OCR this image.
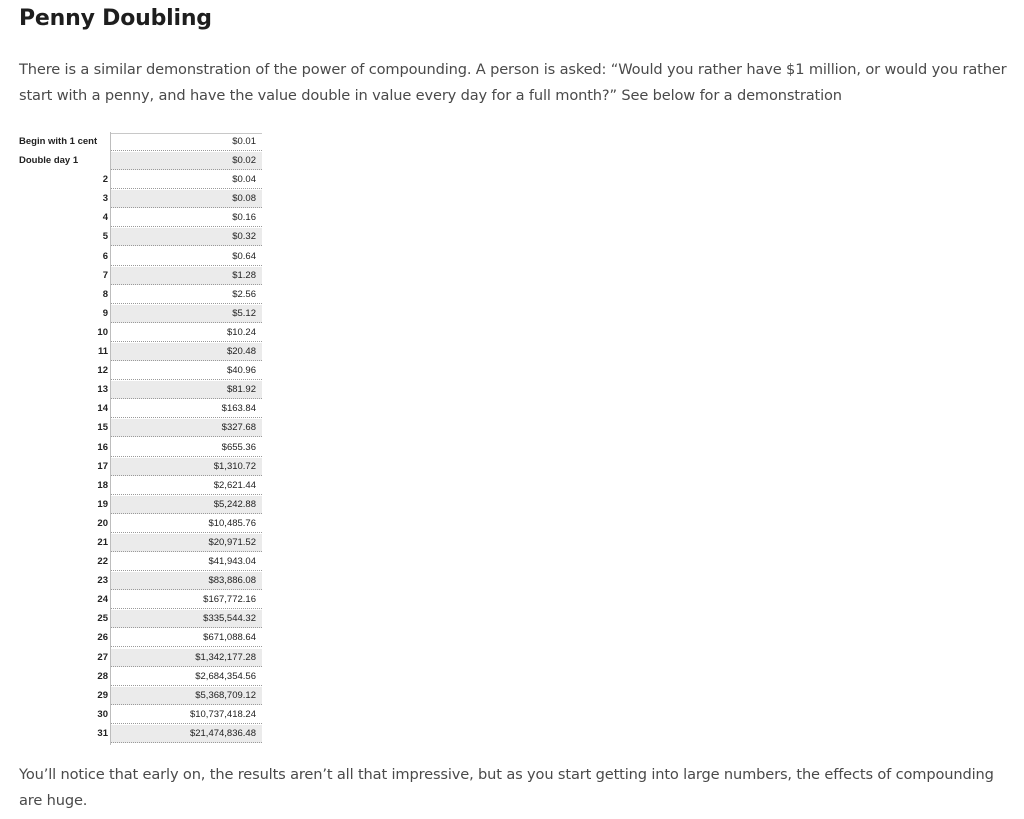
Penny Doubling

There is a similar demonstration of the power of compounding. A person is asked: “Would you rather have $1 million, or would you rather start with a penny, and have the value double in value every day for a full month?” See below for a demonstration

Begin with 1 cent	$0.01
Double day 1	$0.02
2	$0.04
3	$0.08
4	$0.16
5	$0.32
6	$0.64
7	$1.28
8	$2.56
9	$5.12
10	$10.24
11	$20.48
12	$40.96
13	$81.92
14	$163.84
15	$327.68
16	$655.36
17	$1,310.72
18	$2,621.44
19	$5,242.88
20	$10,485.76
21	$20,971.52
22	$41,943.04
23	$83,886.08
24	$167,772.16
25	$335,544.32
26	$671,088.64
27	$1,342,177.28
28	$2,684,354.56
29	$5,368,709.12
30	$10,737,418.24
31	$21,474,836.48

You’ll notice that early on, the results aren’t all that impressive, but as you start getting into large numbers, the effects of compounding are huge.
